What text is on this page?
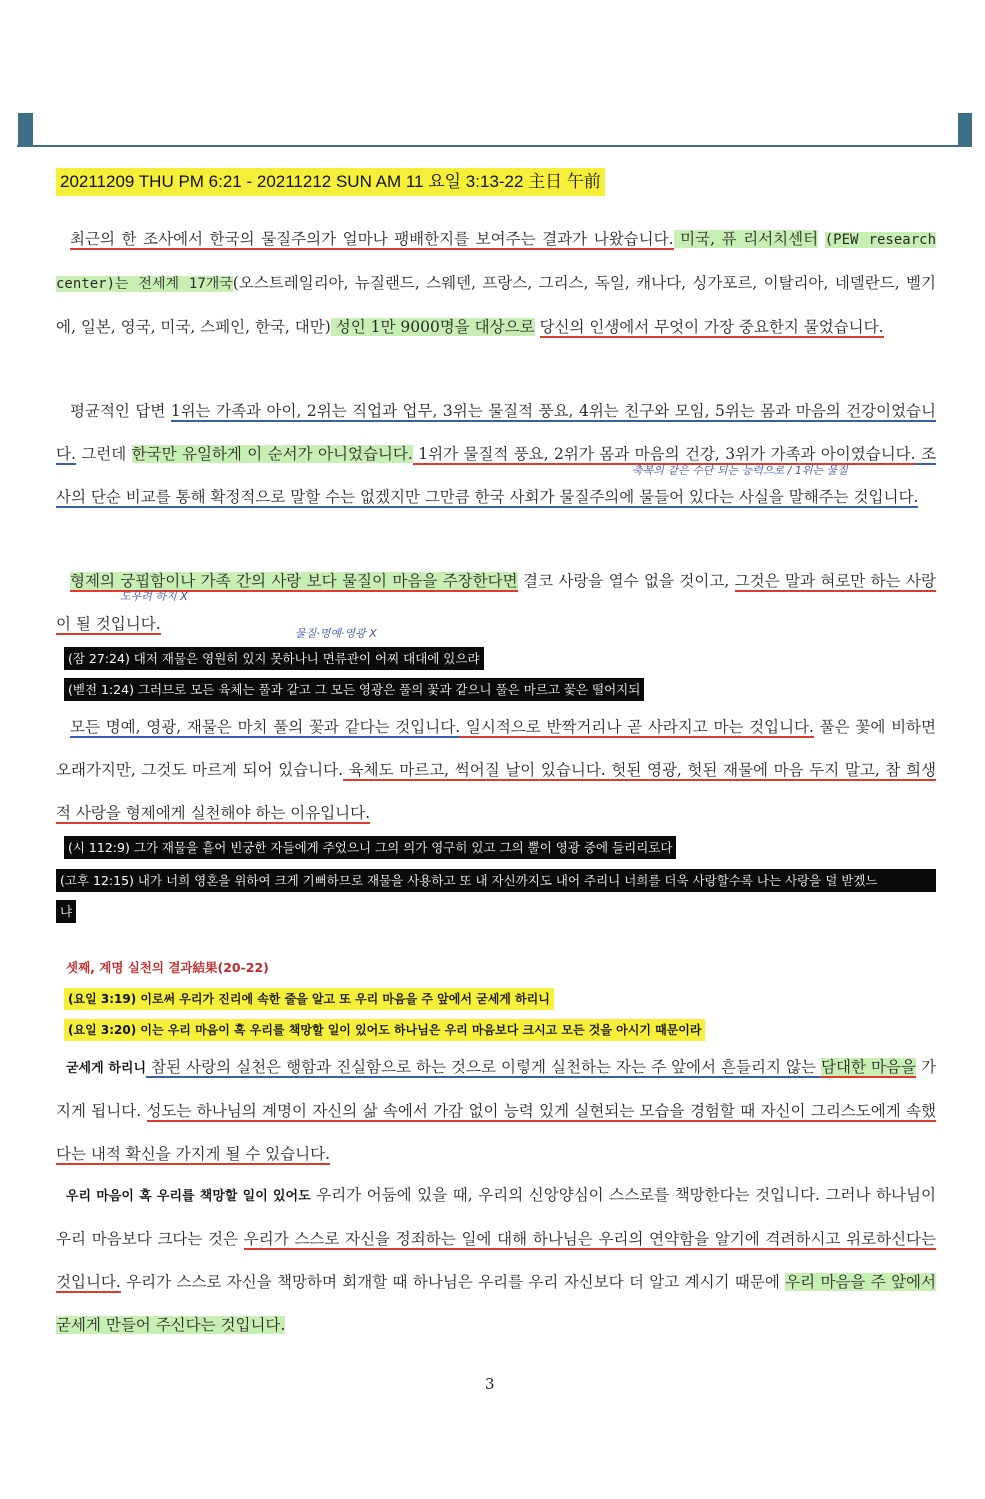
20211209 THU PM 6:21 - 20211212 SUN AM 11 요일 3:13-22 主日 午前
최근의 한 조사에서 한국의 물질주의가 얼마나 팽배한지를 보여주는 결과가 나왔습니다. 미국, 퓨 리서치센터 (PEW research center)는 전세계 17개국(오스트레일리아, 뉴질랜드, 스웨덴, 프랑스, 그리스, 독일, 캐나다, 싱가포르, 이탈리아, 네델란드, 벨기에, 일본, 영국, 미국, 스페인, 한국, 대만) 성인 1만 9000명을 대상으로 당신의 인생에서 무엇이 가장 중요한지 물었습니다.
평균적인 답변 1위는 가족과 아이, 2위는 직업과 업무, 3위는 물질적 풍요, 4위는 친구와 모임, 5위는 몸과 마음의 건강이었습니다. 그런데 한국만 유일하게 이 순서가 아니었습니다. 1위가 물질적 풍요, 2위가 몸과 마음의 건강, 3위가 가족과 아이였습니다. 조사의 단순 비교를 통해 확정적으로 말할 수는 없겠지만 그만큼 한국 사회가 물질주의에 물들어 있다는 사실을 말해주는 것입니다.
축복의 같은 수단 되는 능력으로 / 1위는 물질
형제의 궁핍함이나 가족 간의 사랑 보다 물질이 마음을 주장한다면 결코 사랑을 열수 없을 것이고, 그것은 말과 혀로만 하는 사랑이 될 것입니다.
도우려 하지 X
물질·명예·영광 X
(잠 27:24) 대저 재물은 영원히 있지 못하나니 면류관이 어찌 대대에 있으랴
(벧전 1:24) 그러므로 모든 육체는 풀과 같고 그 모든 영광은 풀의 꽃과 같으니 풀은 마르고 꽃은 떨어지되
모든 명예, 영광, 재물은 마치 풀의 꽃과 같다는 것입니다. 일시적으로 반짝거리나 곧 사라지고 마는 것입니다. 풀은 꽃에 비하면 오래가지만, 그것도 마르게 되어 있습니다. 육체도 마르고, 썩어질 날이 있습니다. 헛된 영광, 헛된 재물에 마음 두지 말고, 참 희생적 사랑을 형제에게 실천해야 하는 이유입니다.
(시 112:9) 그가 재물을 흩어 빈궁한 자들에게 주었으니 그의 의가 영구히 있고 그의 뿔이 영광 중에 들리리로다
(고후 12:15) 내가 너희 영혼을 위하여 크게 기뻐하므로 재물을 사용하고 또 내 자신까지도 내어 주리니 너희를 더욱 사랑할수록 나는 사랑을 덜 받겠느
냐
셋째, 계명 실천의 결과結果(20-22)
(요일 3:19) 이로써 우리가 진리에 속한 줄을 알고 또 우리 마음을 주 앞에서 굳세게 하리니
(요일 3:20) 이는 우리 마음이 혹 우리를 책망할 일이 있어도 하나님은 우리 마음보다 크시고 모든 것을 아시기 때문이라
굳세게 하리니 참된 사랑의 실천은 행함과 진실함으로 하는 것으로 이렇게 실천하는 자는 주 앞에서 흔들리지 않는 담대한 마음을 가지게 됩니다. 성도는 하나님의 계명이 자신의 삶 속에서 가감 없이 능력 있게 실현되는 모습을 경험할 때 자신이 그리스도에게 속했다는 내적 확신을 가지게 될 수 있습니다.
우리 마음이 혹 우리를 책망할 일이 있어도 우리가 어둠에 있을 때, 우리의 신앙양심이 스스로를 책망한다는 것입니다. 그러나 하나님이 우리 마음보다 크다는 것은 우리가 스스로 자신을 정죄하는 일에 대해 하나님은 우리의 연약함을 알기에 격려하시고 위로하신다는 것입니다. 우리가 스스로 자신을 책망하며 회개할 때 하나님은 우리를 우리 자신보다 더 알고 계시기 때문에 우리 마음을 주 앞에서 굳세게 만들어 주신다는 것입니다.
3
